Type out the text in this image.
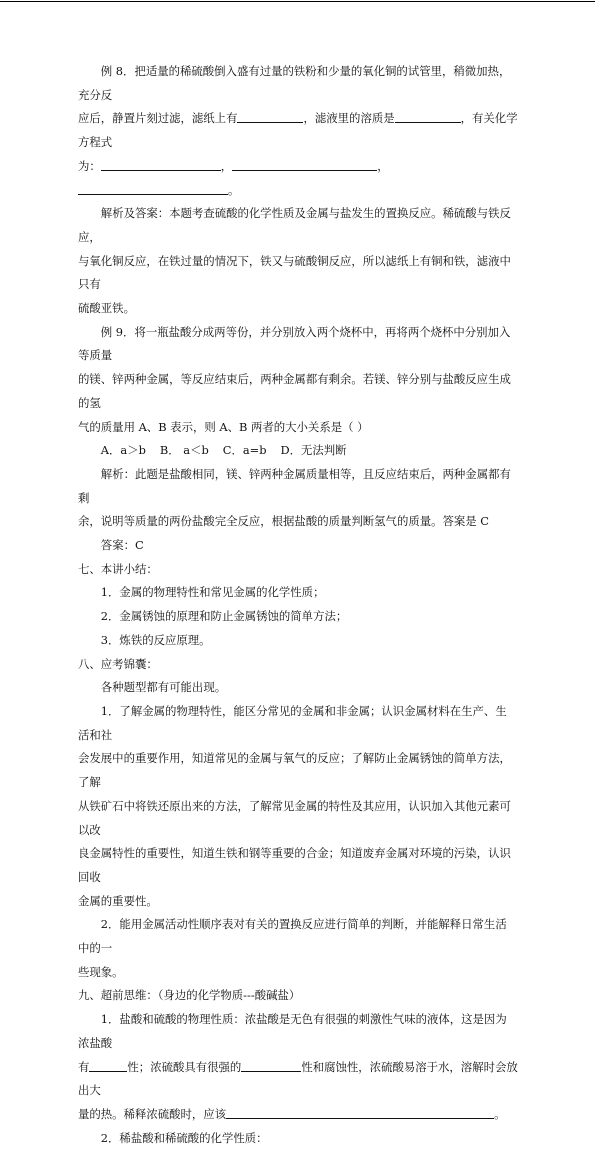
例 8．把适量的稀硫酸倒入盛有过量的铁粉和少量的氧化铜的试管里，稍微加热，充分反

应后，静置片刻过滤，滤纸上有	，滤液里的溶质是	，有关化学方程式

为：	，	，。

解析及答案：本题考查硫酸的化学性质及金属与盐发生的置换反应。稀硫酸与铁反应，

与氧化铜反应，在铁过量的情况下，铁又与硫酸铜反应，所以滤纸上有铜和铁，滤液中只有

硫酸亚铁。

例 9．将一瓶盐酸分成两等份，并分别放入两个烧杯中，再将两个烧杯中分别加入等质量

的镁、锌两种金属，等反应结束后，两种金属都有剩余。若镁、锌分别与盐酸反应生成的氢

气的质量用 A、B 表示，则 A、B 两者的大小关系是（ ）

A．a＞b B． a＜b C．a=b D．无法判断

解析：此题是盐酸相同，镁、锌两种金属质量相等，且反应结束后，两种金属都有剩

余，说明等质量的两份盐酸完全反应，根据盐酸的质量判断氢气的质量。答案是 C

答案：C

七、本讲小结：

1．金属的物理特性和常见金属的化学性质；

2．金属锈蚀的原理和防止金属锈蚀的简单方法；

3．炼铁的反应原理。

八、应考锦囊：

各种题型都有可能出现。

1．了解金属的物理特性，能区分常见的金属和非金属；认识金属材料在生产、生活和社

会发展中的重要作用，知道常见的金属与氧气的反应；了解防止金属锈蚀的简单方法，了解

从铁矿石中将铁还原出来的方法，了解常见金属的特性及其应用，认识加入其他元素可以改

良金属特性的重要性，知道生铁和钢等重要的合金；知道废弃金属对环境的污染，认识回收

金属的重要性。

2．能用金属活动性顺序表对有关的置换反应进行简单的判断，并能解释日常生活中的一

些现象。

九、超前思维：（身边的化学物质---酸碱盐）

1．盐酸和硫酸的物理性质：浓盐酸是无色有很强的刺激性气味的液体，这是因为浓盐酸

有	性；浓硫酸具有很强的	性和腐蚀性，浓硫酸易溶于水，溶解时会放出大

量的热。稀释浓硫酸时，应该	。

2．稀盐酸和稀硫酸的化学性质：
